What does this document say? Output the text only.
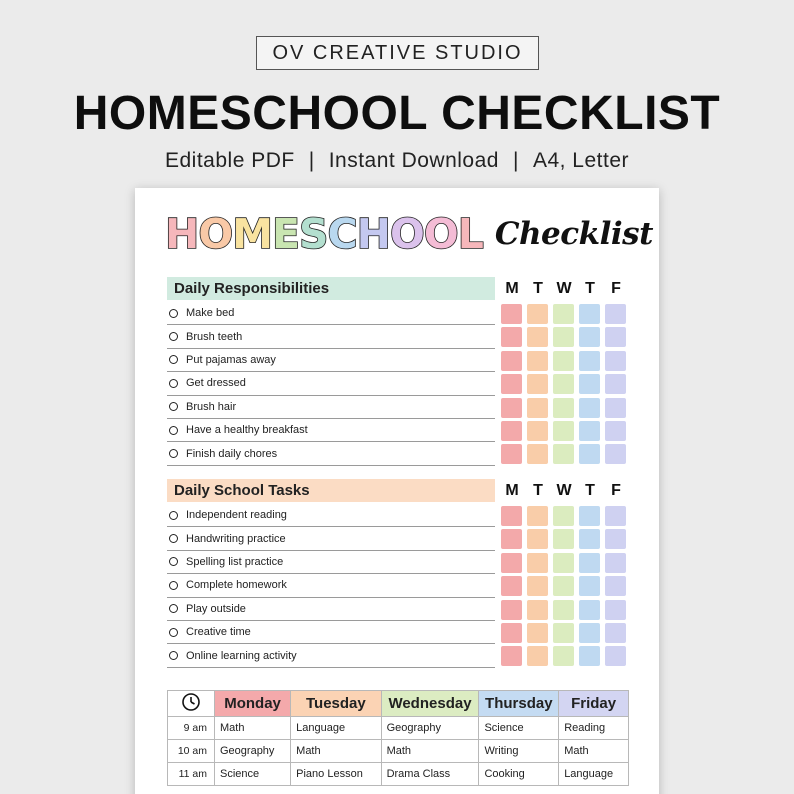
OV CREATIVE STUDIO
HOMESCHOOL CHECKLIST
Editable PDF | Instant Download | A4, Letter
H O M E S C H O O L Checklist
Daily Responsibilities	M T W T	F
Make bed
Brush teeth
Put pajamas away
Get dressed
Brush hair
Have a healthy breakfast
Finish daily chores
Daily School Tasks	M T W T	F
Independent reading
Handwriting practice
Spelling list practice
Complete homework
Play outside
Creative time
Online learning activity
	Monday	Tuesday	Wednesday	Thursday	Friday
9 am	Math	Language	Geography	Science	Reading
10 am	Geography	Math	Math	Writing	Math
11 am	Science	Piano Lesson	Drama Class	Cooking	Language
